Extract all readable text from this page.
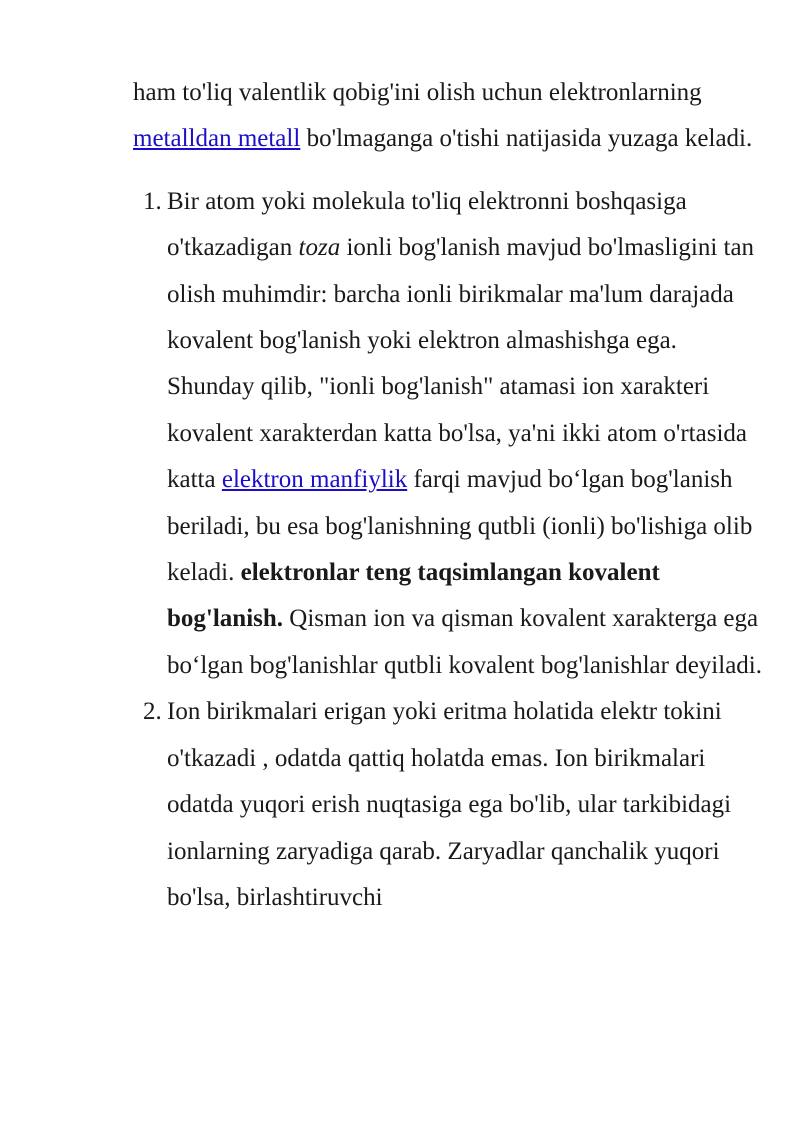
ham to'liq valentlik qobig'ini olish uchun elektronlarning metalldan metall bo'lmaganga o'tishi natijasida yuzaga keladi.

1. Bir atom yoki molekula to'liq elektronni boshqasiga o'tkazadigan toza ionli bog'lanish mavjud bo'lmasligini tan olish muhimdir: barcha ionli birikmalar ma'lum darajada kovalent bog'lanish yoki elektron almashishga ega. Shunday qilib, "ionli bog'lanish" atamasi ion xarakteri kovalent xarakterdan katta bo'lsa, ya'ni ikki atom o'rtasida katta elektron manfiylik farqi mavjud bo‘lgan bog'lanish beriladi, bu esa bog'lanishning qutbli (ionli) bo'lishiga olib keladi. elektronlar teng taqsimlangan kovalent bog'lanish. Qisman ion va qisman kovalent xarakterga ega bo‘lgan bog'lanishlar qutbli kovalent bog'lanishlar deyiladi.
2. Ion birikmalari erigan yoki eritma holatida elektr tokini o'tkazadi , odatda qattiq holatda emas. Ion birikmalari odatda yuqori erish nuqtasiga ega bo'lib, ular tarkibidagi ionlarning zaryadiga qarab. Zaryadlar qanchalik yuqori bo'lsa, birlashtiruvchi
